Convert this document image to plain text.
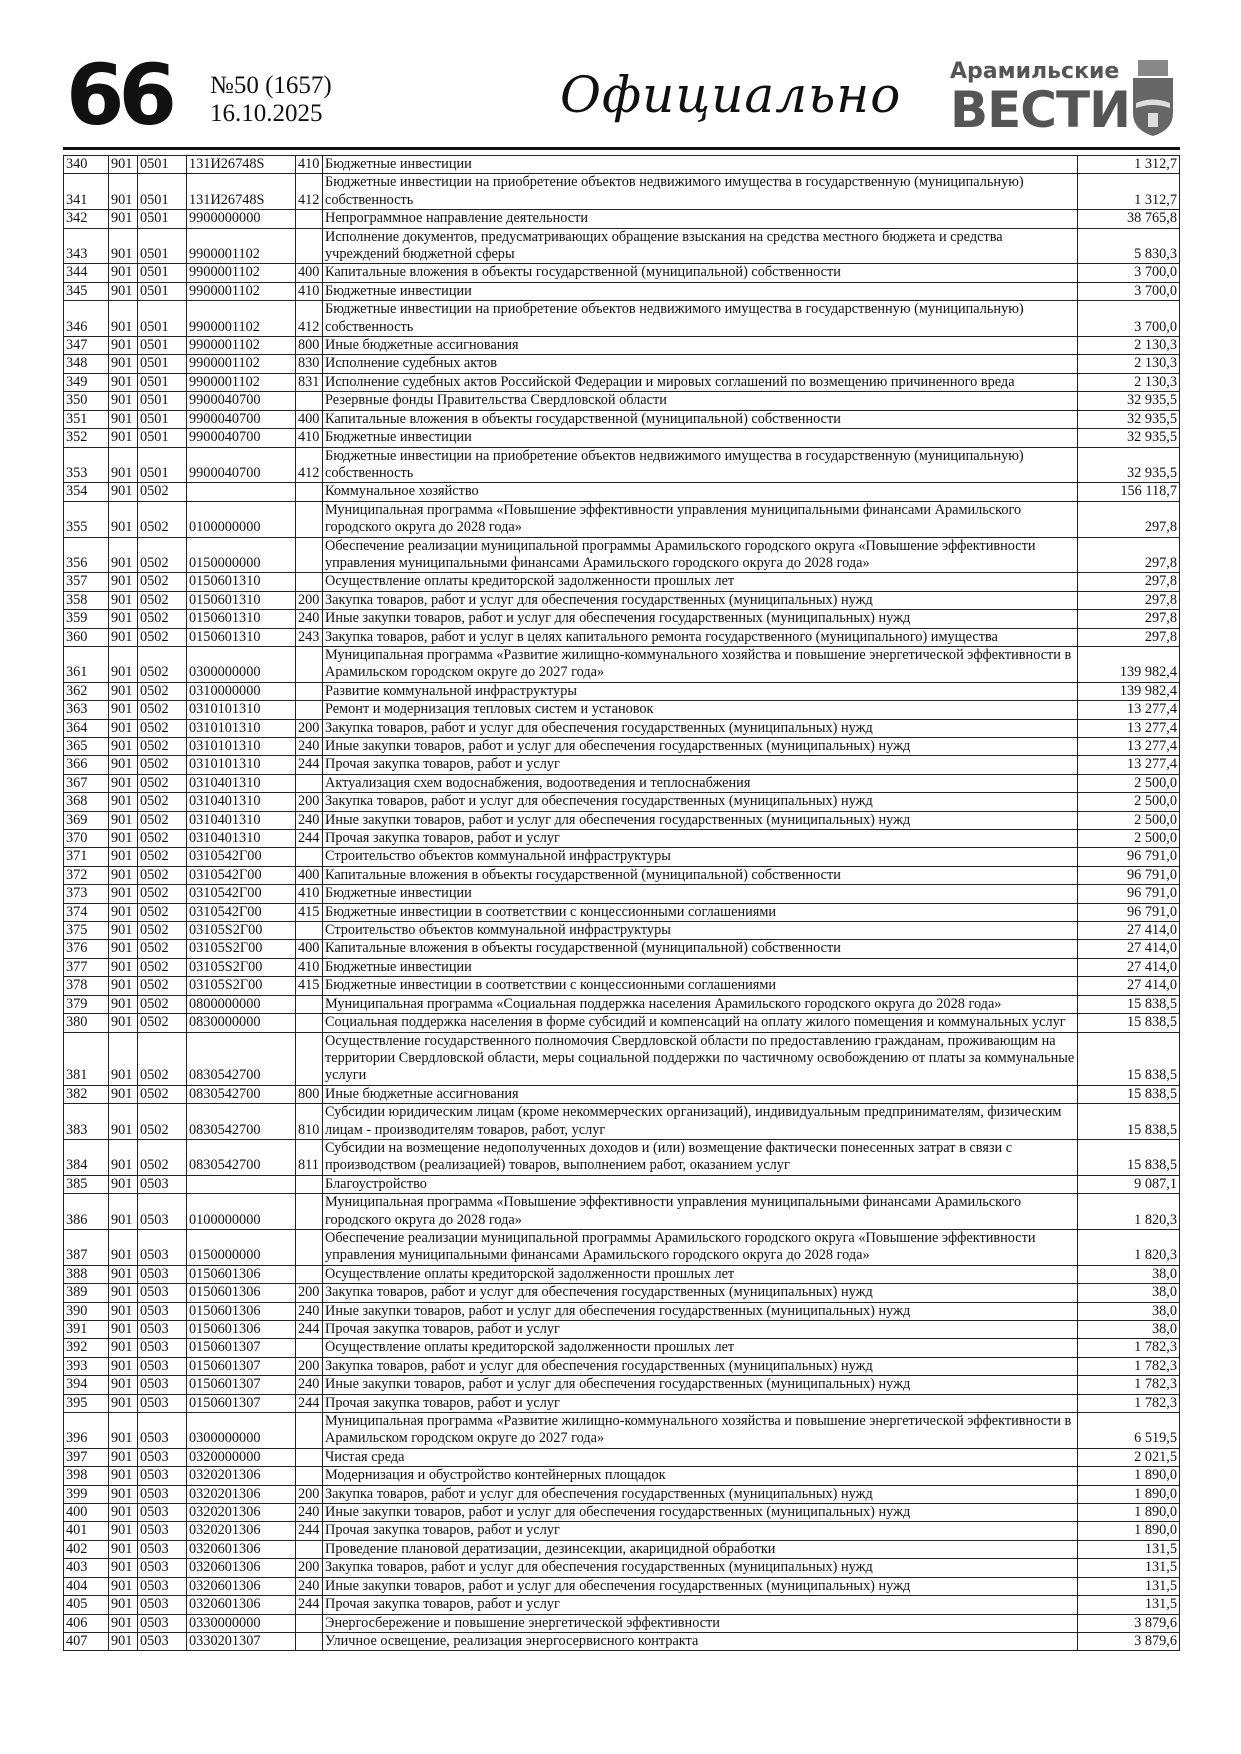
66 №50 (1657)
16.10.2025	Официально Арамильские
ВЕСТИ
340	901	0501	131И26748S	410	Бюджетные инвестиции	1 312,7
341	901	0501	131И26748S	412	Бюджетные инвестиции на приобретение объектов недвижимого имущества в государственную (муниципальную) собственность	1 312,7
342	901	0501	9900000000		Непрограммное направление деятельности	38 765,8
343	901	0501	9900001102		Исполнение документов, предусматривающих обращение взыскания на средства местного бюджета и средства учреждений бюджетной сферы	5 830,3
344	901	0501	9900001102	400	Капитальные вложения в объекты государственной (муниципальной) собственности	3 700,0
345	901	0501	9900001102	410	Бюджетные инвестиции	3 700,0
346	901	0501	9900001102	412	Бюджетные инвестиции на приобретение объектов недвижимого имущества в государственную (муниципальную) собственность	3 700,0
347	901	0501	9900001102	800	Иные бюджетные ассигнования	2 130,3
348	901	0501	9900001102	830	Исполнение судебных актов	2 130,3
349	901	0501	9900001102	831	Исполнение судебных актов Российской Федерации и мировых соглашений по возмещению причиненного вреда	2 130,3
350	901	0501	9900040700		Резервные фонды Правительства Свердловской области	32 935,5
351	901	0501	9900040700	400	Капитальные вложения в объекты государственной (муниципальной) собственности	32 935,5
352	901	0501	9900040700	410	Бюджетные инвестиции	32 935,5
353	901	0501	9900040700	412	Бюджетные инвестиции на приобретение объектов недвижимого имущества в государственную (муниципальную) собственность	32 935,5
354	901	0502			Коммунальное хозяйство	156 118,7
355	901	0502	0100000000		Муниципальная программа «Повышение эффективности управления муниципальными финансами Арамильского городского округа до 2028 года»	297,8
356	901	0502	0150000000		Обеспечение реализации муниципальной программы Арамильского городского округа «Повышение эффективности управления муниципальными финансами Арамильского городского округа до 2028 года»	297,8
357	901	0502	0150601310		Осуществление оплаты кредиторской задолженности прошлых лет	297,8
358	901	0502	0150601310	200	Закупка товаров, работ и услуг для обеспечения государственных (муниципальных) нужд	297,8
359	901	0502	0150601310	240	Иные закупки товаров, работ и услуг для обеспечения государственных (муниципальных) нужд	297,8
360	901	0502	0150601310	243	Закупка товаров, работ и услуг в целях капитального ремонта государственного (муниципального) имущества	297,8
361	901	0502	0300000000		Муниципальная программа «Развитие жилищно-коммунального хозяйства и повышение энергетической эффективности в Арамильском городском округе до 2027 года»	139 982,4
362	901	0502	0310000000		Развитие коммунальной инфраструктуры	139 982,4
363	901	0502	0310101310		Ремонт и модернизация тепловых систем и установок	13 277,4
364	901	0502	0310101310	200	Закупка товаров, работ и услуг для обеспечения государственных (муниципальных) нужд	13 277,4
365	901	0502	0310101310	240	Иные закупки товаров, работ и услуг для обеспечения государственных (муниципальных) нужд	13 277,4
366	901	0502	0310101310	244	Прочая закупка товаров, работ и услуг	13 277,4
367	901	0502	0310401310		Актуализация схем водоснабжения, водоотведения и теплоснабжения	2 500,0
368	901	0502	0310401310	200	Закупка товаров, работ и услуг для обеспечения государственных (муниципальных) нужд	2 500,0
369	901	0502	0310401310	240	Иные закупки товаров, работ и услуг для обеспечения государственных (муниципальных) нужд	2 500,0
370	901	0502	0310401310	244	Прочая закупка товаров, работ и услуг	2 500,0
371	901	0502	0310542Г00		Строительство объектов коммунальной инфраструктуры	96 791,0
372	901	0502	0310542Г00	400	Капитальные вложения в объекты государственной (муниципальной) собственности	96 791,0
373	901	0502	0310542Г00	410	Бюджетные инвестиции	96 791,0
374	901	0502	0310542Г00	415	Бюджетные инвестиции в соответствии с концессионными соглашениями	96 791,0
375	901	0502	03105S2Г00		Строительство объектов коммунальной инфраструктуры	27 414,0
376	901	0502	03105S2Г00	400	Капитальные вложения в объекты государственной (муниципальной) собственности	27 414,0
377	901	0502	03105S2Г00	410	Бюджетные инвестиции	27 414,0
378	901	0502	03105S2Г00	415	Бюджетные инвестиции в соответствии с концессионными соглашениями	27 414,0
379	901	0502	0800000000		Муниципальная программа «Социальная поддержка населения Арамильского городского округа до 2028 года»	15 838,5
380	901	0502	0830000000		Социальная поддержка населения в форме субсидий и компенсаций на оплату жилого помещения и коммунальных услуг	15 838,5
381	901	0502	0830542700		Осуществление государственного полномочия Свердловской области по предоставлению гражданам, проживающим на территории Свердловской области, меры социальной поддержки по частичному освобождению от платы за коммунальные услуги	15 838,5
382	901	0502	0830542700	800	Иные бюджетные ассигнования	15 838,5
383	901	0502	0830542700	810	Субсидии юридическим лицам (кроме некоммерческих организаций), индивидуальным предпринимателям, физическим лицам - производителям товаров, работ, услуг	15 838,5
384	901	0502	0830542700	811	Субсидии на возмещение недополученных доходов и (или) возмещение фактически понесенных затрат в связи с производством (реализацией) товаров, выполнением работ, оказанием услуг	15 838,5
385	901	0503			Благоустройство	9 087,1
386	901	0503	0100000000		Муниципальная программа «Повышение эффективности управления муниципальными финансами Арамильского городского округа до 2028 года»	1 820,3
387	901	0503	0150000000		Обеспечение реализации муниципальной программы Арамильского городского округа «Повышение эффективности управления муниципальными финансами Арамильского городского округа до 2028 года»	1 820,3
388	901	0503	0150601306		Осуществление оплаты кредиторской задолженности прошлых лет	38,0
389	901	0503	0150601306	200	Закупка товаров, работ и услуг для обеспечения государственных (муниципальных) нужд	38,0
390	901	0503	0150601306	240	Иные закупки товаров, работ и услуг для обеспечения государственных (муниципальных) нужд	38,0
391	901	0503	0150601306	244	Прочая закупка товаров, работ и услуг	38,0
392	901	0503	0150601307		Осуществление оплаты кредиторской задолженности прошлых лет	1 782,3
393	901	0503	0150601307	200	Закупка товаров, работ и услуг для обеспечения государственных (муниципальных) нужд	1 782,3
394	901	0503	0150601307	240	Иные закупки товаров, работ и услуг для обеспечения государственных (муниципальных) нужд	1 782,3
395	901	0503	0150601307	244	Прочая закупка товаров, работ и услуг	1 782,3
396	901	0503	0300000000		Муниципальная программа «Развитие жилищно-коммунального хозяйства и повышение энергетической эффективности в Арамильском городском округе до 2027 года»	6 519,5
397	901	0503	0320000000		Чистая среда	2 021,5
398	901	0503	0320201306		Модернизация и обустройство контейнерных площадок	1 890,0
399	901	0503	0320201306	200	Закупка товаров, работ и услуг для обеспечения государственных (муниципальных) нужд	1 890,0
400	901	0503	0320201306	240	Иные закупки товаров, работ и услуг для обеспечения государственных (муниципальных) нужд	1 890,0
401	901	0503	0320201306	244	Прочая закупка товаров, работ и услуг	1 890,0
402	901	0503	0320601306		Проведение плановой дератизации, дезинсекции, акарицидной обработки	131,5
403	901	0503	0320601306	200	Закупка товаров, работ и услуг для обеспечения государственных (муниципальных) нужд	131,5
404	901	0503	0320601306	240	Иные закупки товаров, работ и услуг для обеспечения государственных (муниципальных) нужд	131,5
405	901	0503	0320601306	244	Прочая закупка товаров, работ и услуг	131,5
406	901	0503	0330000000		Энергосбережение и повышение энергетической эффективности	3 879,6
407	901	0503	0330201307		Уличное освещение, реализация энергосервисного контракта	3 879,6
